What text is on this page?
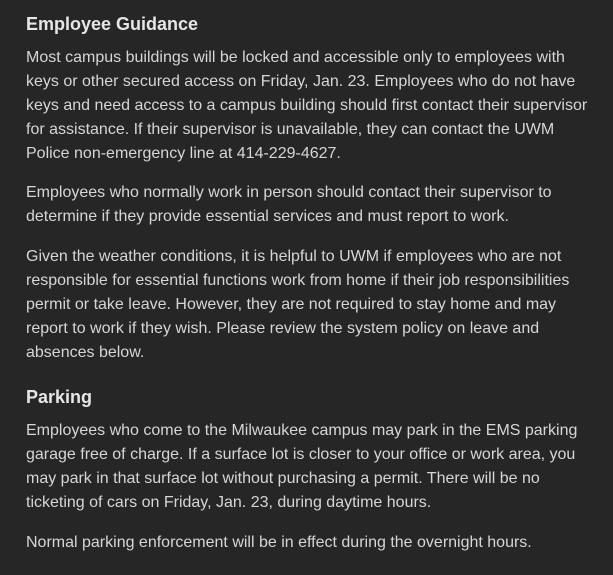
Employee Guidance

Most campus buildings will be locked and accessible only to employees with keys or other secured access on Friday, Jan. 23. Employees who do not have keys and need access to a campus building should first contact their supervisor for assistance. If their supervisor is unavailable, they can contact the UWM Police non-emergency line at 414-229-4627.

Employees who normally work in person should contact their supervisor to determine if they provide essential services and must report to work.

Given the weather conditions, it is helpful to UWM if employees who are not responsible for essential functions work from home if their job responsibilities permit or take leave. However, they are not required to stay home and may report to work if they wish. Please review the system policy on leave and absences below.

Parking

Employees who come to the Milwaukee campus may park in the EMS parking garage free of charge. If a surface lot is closer to your office or work area, you may park in that surface lot without purchasing a permit. There will be no ticketing of cars on Friday, Jan. 23, during daytime hours.

Normal parking enforcement will be in effect during the overnight hours.
